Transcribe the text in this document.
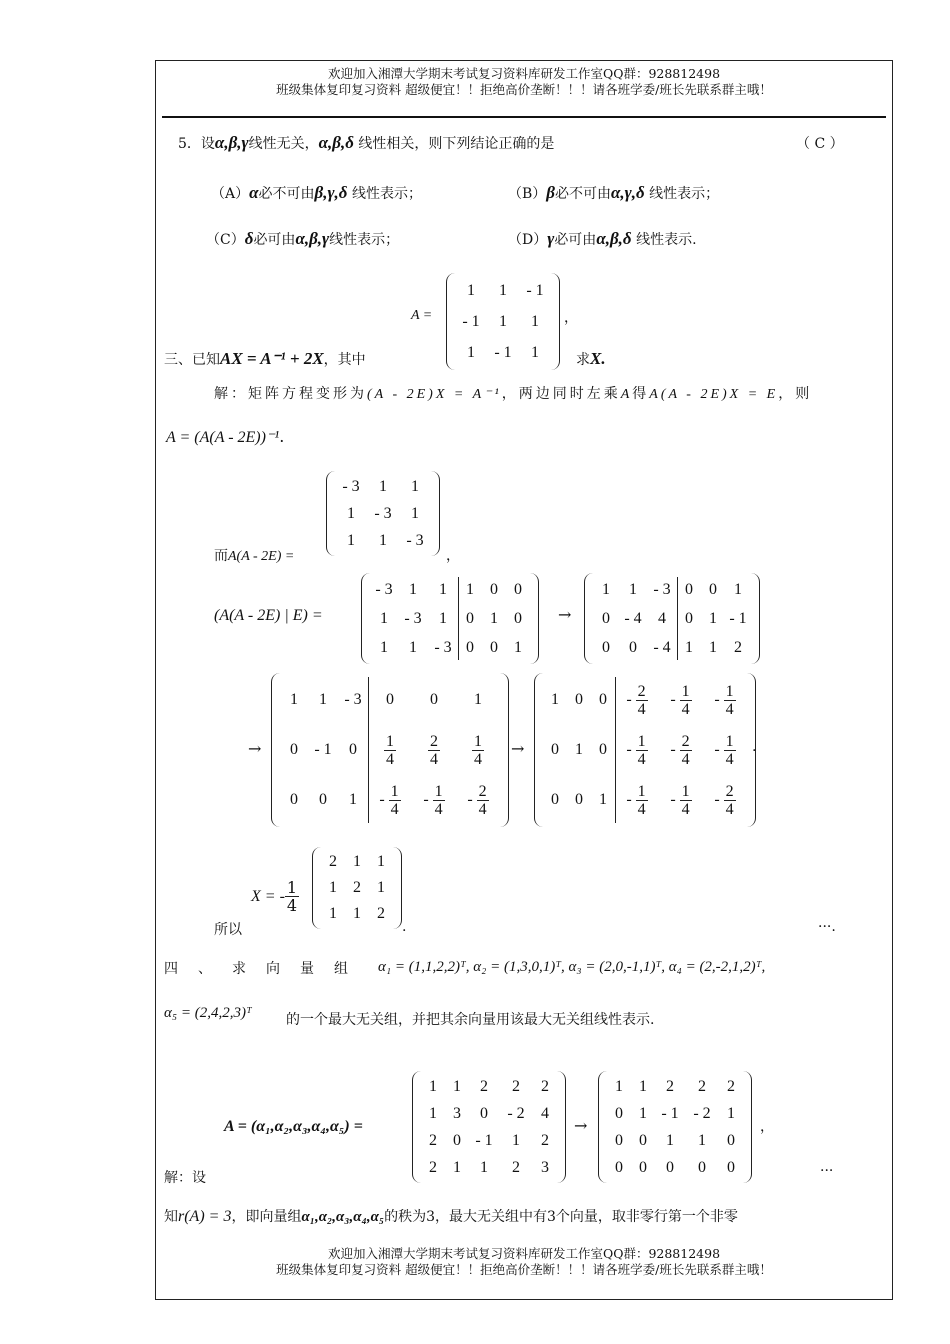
欢迎加入湘潭大学期末考试复习资料库研发工作室QQ群：928812498
班级集体复印复习资料 超级便宜！！拒绝高价垄断！！！请各班学委/班长先联系群主哦！
5．设α,β,γ线性无关，α,β,δ 线性相关，则下列结论正确的是	（ C ）
（A）α必不可由β,γ,δ 线性表示；	（B）β必不可由α,γ,δ 线性表示；
（C）δ必可由α,β,γ线性表示；	（D）γ必可由α,β,δ 线性表示.
A =
1 1 - 1
- 1 1 1
1 - 1 1
，
三、已知AX = A⁻¹ + 2X，其中	求X.
解：矩阵方程变形为(A - 2E)X = A⁻¹，两边同时左乘A得A(A - 2E)X = E，则
A = (A(A - 2E))⁻¹.
而A(A - 2E) =
- 3 1 1
1 - 3 1
1 1 - 3
，
(A(A - 2E) | E) =
- 3 1 1 1 0 0
1 - 3 1 0 1 0
1 1 - 3 0 0 1
→
1 1 - 3 0 0 1
0 - 4 4 0 1 - 1
0 0 - 4 1 1 2
→
1 1 - 3 0 0 1
0 - 1 $0 \frac{1}{4} \frac{2}{4} \frac{1}{4}$
0 0 $1 - \frac{1}{4} - \frac{1}{4} - \frac{2}{4}$
→
1 0 $0 - \frac{2}{4} - \frac{1}{4} - \frac{1}{4}$
0 1 $0 - \frac{1}{4} - \frac{2}{4} - \frac{1}{4}$
0 0 $1 - \frac{1}{4} - \frac{1}{4} - \frac{2}{4}$
.
X = - $\frac{1}{4}$
2 1 1
1 2 1
1 1 2
所以	.	···.
四 、 求 向 量 组	α₁ = (1,1,2,2)ᵀ, α₂ = (1,3,0,1)ᵀ, α₃ = (2,0,-1,1)ᵀ, α₄ = (2,-2,1,2)ᵀ,
α₅ = (2,4,2,3)ᵀ 的一个最大无关组，并把其余向量用该最大无关组线性表示.
A = (α₁,α₂,α₃,α₄,α₅) =
1 1 2 2 2
1 3 0 - 2 4
2 0 - 1 1 2
2 1 1 2 3
→
1 1 2 2 2
0 1 - 1 - 2 1
0 0 1 1 0
0 0 0 0 0
，
解：设	···
知r(A) = 3，即向量组α₁,α₂,α₃,α₄,α₅的秩为3，最大无关组中有3个向量，取非零行第一个非零
欢迎加入湘潭大学期末考试复习资料库研发工作室QQ群：928812498
班级集体复印复习资料 超级便宜！！拒绝高价垄断！！！请各班学委/班长先联系群主哦！
